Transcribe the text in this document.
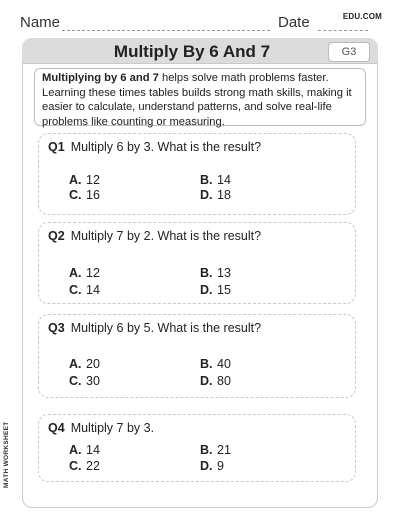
Name	Date	EDU.COM
Multiply By 6 And 7	G3
Multiplying by 6 and 7 helps solve math problems faster. Learning these times tables builds strong math skills, making it easier to calculate, understand patterns, and solve real-life problems like counting or measuring.
Q1 Multiply 6 by 3. What is the result?
A. 12	B. 14
C. 16	D. 18
Q2 Multiply 7 by 2. What is the result?
A. 12	B. 13
C. 14	D. 15
Q3 Multiply 6 by 5. What is the result?
A. 20	B. 40
C. 30	D. 80
Q4 Multiply 7 by 3.
A. 14	B. 21
C. 22	D. 9
MATH WORKSHEET
